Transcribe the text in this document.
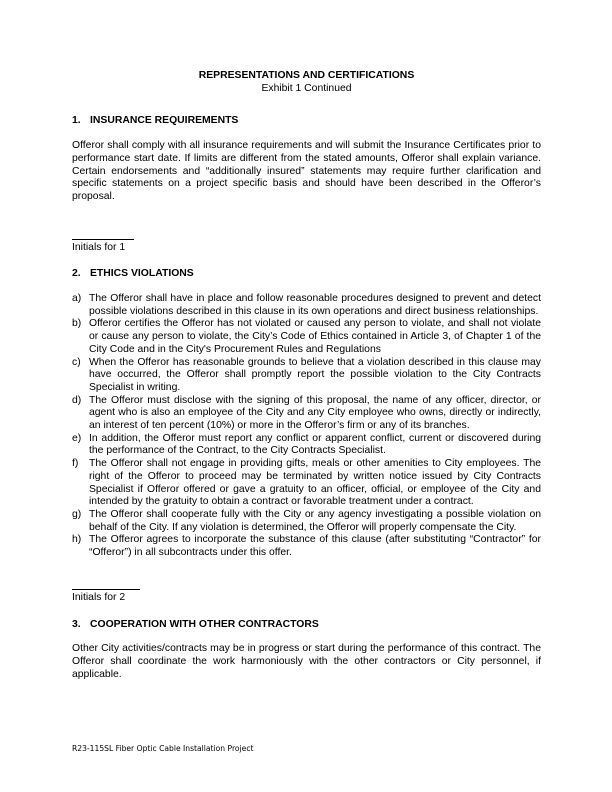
REPRESENTATIONS AND CERTIFICATIONS

Exhibit 1 Continued

1. INSURANCE REQUIREMENTS

Offeror shall comply with all insurance requirements and will submit the Insurance Certificates prior to performance start date. If limits are different from the stated amounts, Offeror shall explain variance. Certain endorsements and “additionally insured” statements may require further clarification and specific statements on a project specific basis and should have been described in the Offeror’s proposal.

Initials for 1

2. ETHICS VIOLATIONS

a) The Offeror shall have in place and follow reasonable procedures designed to prevent and detect possible violations described in this clause in its own operations and direct business relationships.
b) Offeror certifies the Offeror has not violated or caused any person to violate, and shall not violate or cause any person to violate, the City’s Code of Ethics contained in Article 3, of Chapter 1 of the City Code and in the City's Procurement Rules and Regulations
c) When the Offeror has reasonable grounds to believe that a violation described in this clause may have occurred, the Offeror shall promptly report the possible violation to the City Contracts Specialist in writing.
d) The Offeror must disclose with the signing of this proposal, the name of any officer, director, or agent who is also an employee of the City and any City employee who owns, directly or indirectly, an interest of ten percent (10%) or more in the Offeror’s firm or any of its branches.
e) In addition, the Offeror must report any conflict or apparent conflict, current or discovered during the performance of the Contract, to the City Contracts Specialist.
f)	The Offeror shall not engage in providing gifts, meals or other amenities to City employees. The right of the Offeror to proceed may be terminated by written notice issued by City Contracts Specialist if Offeror offered or gave a gratuity to an officer, official, or employee of the City and intended by the gratuity to obtain a contract or favorable treatment under a contract.
g) The Offeror shall cooperate fully with the City or any agency investigating a possible violation on behalf of the City. If any violation is determined, the Offeror will properly compensate the City.
h) The Offeror agrees to incorporate the substance of this clause (after substituting “Contractor” for “Offeror”) in all subcontracts under this offer.
Initials for 2

3. COOPERATION WITH OTHER CONTRACTORS

Other City activities/contracts may be in progress or start during the performance of this contract. The Offeror shall coordinate the work harmoniously with the other contractors or City personnel, if applicable.

R23-115SL Fiber Optic Cable Installation Project
